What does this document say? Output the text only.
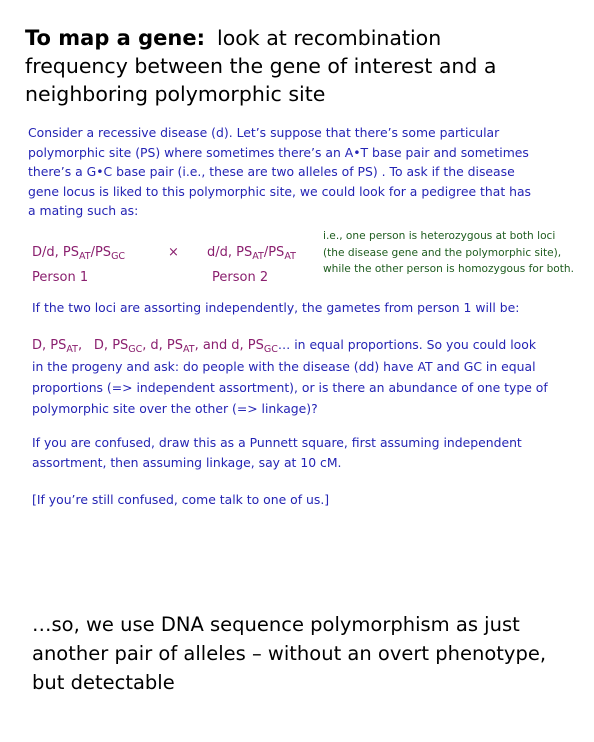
To map a gene: look at recombination
frequency between the gene of interest and a
neighboring polymorphic site
Consider a recessive disease (d). Let’s suppose that there’s some particular
polymorphic site (PS) where sometimes there’s an A•T base pair and sometimes
there’s a G•C base pair (i.e., these are two alleles of PS) . To ask if the disease
gene locus is liked to this polymorphic site, we could look for a pedigree that has
a mating such as:
D/d, $PS_{AT}/PS_{GC}$	× d/d, $PS_{AT}/PS_{AT}$
Person 1	Person 2
i.e., one person is heterozygous at both loci
(the disease gene and the polymorphic site),
while the other person is homozygous for both.
If the two loci are assorting independently, the gametes from person 1 will be:
D, $PS_{AT}$, D, $PS_{GC}$, d, $PS_{AT}$, and d, $PS_{GC}\dots$ in equal proportions. So you could look
in the progeny and ask: do people with the disease (dd) have AT and GC in equal
proportions (=> independent assortment), or is there an abundance of one type of
polymorphic site over the other (=> linkage)?
If you are confused, draw this as a Punnett square, first assuming independent
assortment, then assuming linkage, say at 10 cM.
[If you’re still confused, come talk to one of us.]
…so, we use DNA sequence polymorphism as just
another pair of alleles – without an overt phenotype,
but detectable
